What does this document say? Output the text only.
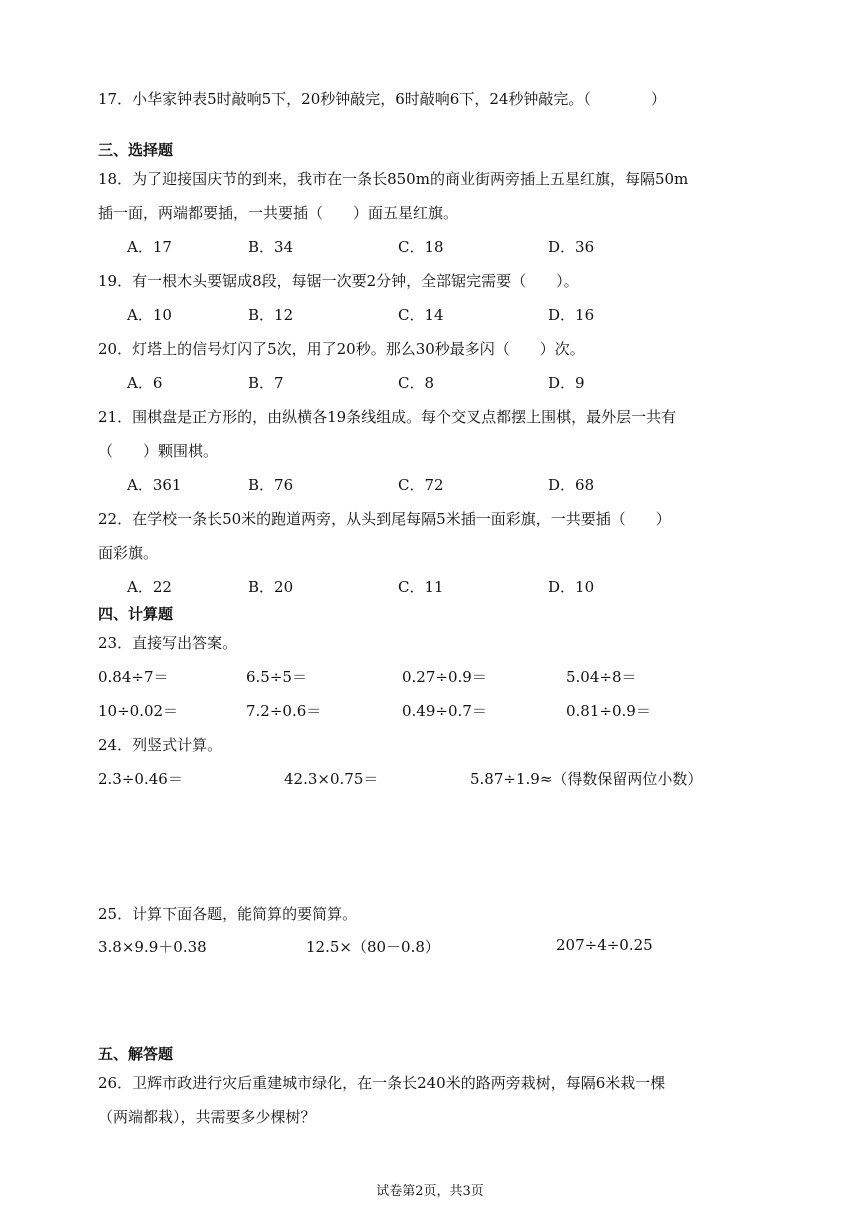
17．小华家钟表5时敲响5下，20秒钟敲完，6时敲响6下，24秒钟敲完。（　　　　）
三、选择题
18．为了迎接国庆节的到来，我市在一条长850m的商业街两旁插上五星红旗，每隔50m
插一面，两端都要插，一共要插（　　）面五星红旗。
A．17	B．34	C．18	D．36
19．有一根木头要锯成8段，每锯一次要2分钟，全部锯完需要（　　）。
A．10	B．12	C．14	D．16
20．灯塔上的信号灯闪了5次，用了20秒。那么30秒最多闪（　　）次。
A．6	B．7	C．8	D．9
21．围棋盘是正方形的，由纵横各19条线组成。每个交叉点都摆上围棋，最外层一共有
（　　）颗围棋。
A．361	B．76	C．72	D．68
22．在学校一条长50米的跑道两旁，从头到尾每隔5米插一面彩旗，一共要插（　　）
面彩旗。
A．22	B．20	C．11	D．10
四、计算题
23．直接写出答案。
0.84÷7＝	6.5÷5＝	0.27÷0.9＝	5.04÷8＝
10÷0.02＝	7.2÷0.6＝	0.49÷0.7＝	0.81÷0.9＝
24．列竖式计算。
2.3÷0.46＝	42.3×0.75＝	5.87÷1.9≈（得数保留两位小数）
25．计算下面各题，能简算的要简算。
3.8×9.9＋0.38	12.5×（80－0.8）	207÷4÷0.25
五、解答题
26．卫辉市政进行灾后重建城市绿化，在一条长240米的路两旁栽树，每隔6米栽一棵
（两端都栽），共需要多少棵树？
试卷第2页，共3页
